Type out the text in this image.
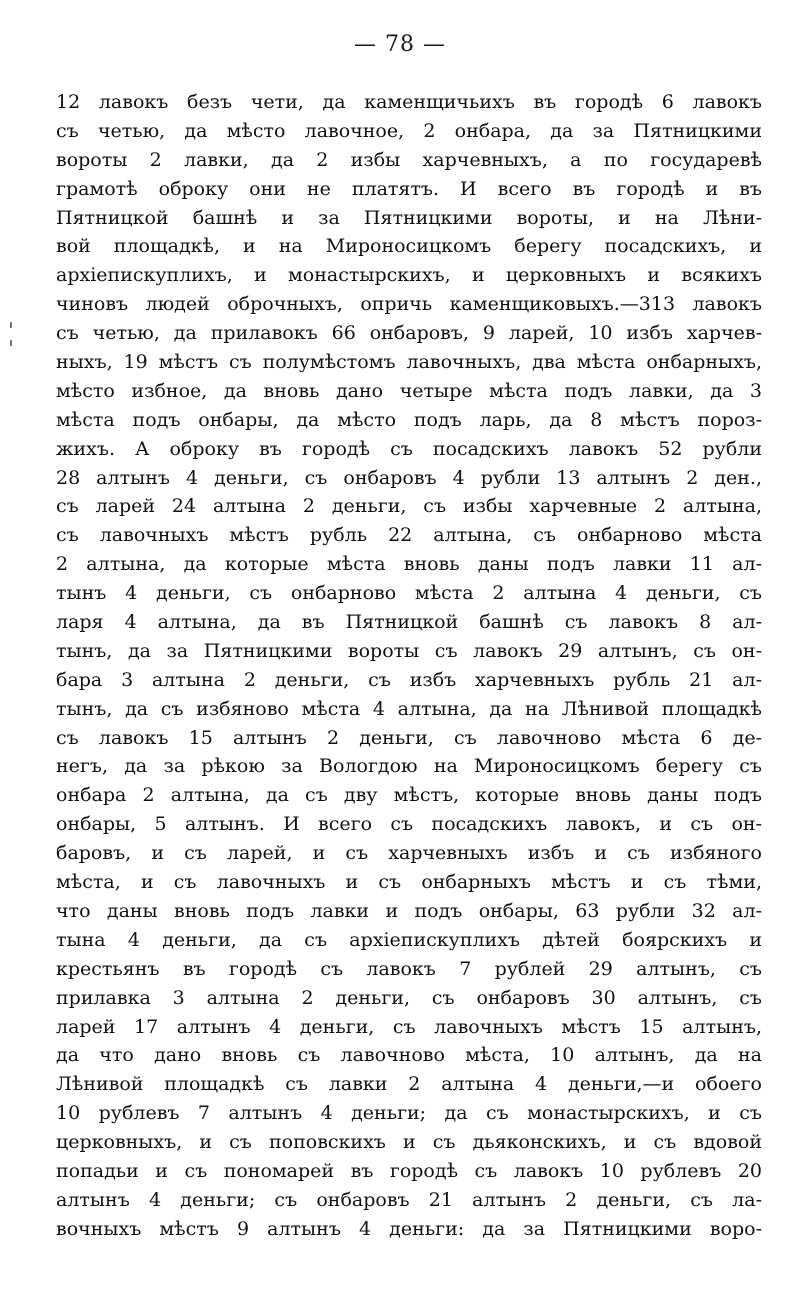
— 78 —
12 лавокъ безъ чети, да каменщичьихъ въ городѣ 6 лавокъ
съ четью, да мѣсто лавочное, 2 онбара, да за Пятницкими
вороты 2 лавки, да 2 избы харчевныхъ, а по государевѣ
грамотѣ оброку они не платятъ. И всего въ городѣ и въ
Пятницкой башнѣ и за Пятницкими вороты, и на Лѣни-
вой площадкѣ, и на Мироносицкомъ берегу посадскихъ, и
архіепискуплихъ, и монастырскихъ, и церковныхъ и всякихъ
чиновъ людей оброчныхъ, опричь каменщиковыхъ.—313 лавокъ
съ четью, да прилавокъ 66 онбаровъ, 9 ларей, 10 избъ харчев-
ныхъ, 19 мѣстъ съ полумѣстомъ лавочныхъ, два мѣста онбарныхъ,
мѣсто избное, да вновь дано четыре мѣста подъ лавки, да 3
мѣста подъ онбары, да мѣсто подъ ларь, да 8 мѣстъ пороз-
жихъ. А оброку въ городѣ съ посадскихъ лавокъ 52 рубли
28 алтынъ 4 деньги, съ онбаровъ 4 рубли 13 алтынъ 2 ден.,
съ ларей 24 алтына 2 деньги, съ избы харчевные 2 алтына,
съ лавочныхъ мѣстъ рубль 22 алтына, съ онбарново мѣста
2 алтына, да которые мѣста вновь даны подъ лавки 11 ал-
тынъ 4 деньги, съ онбарново мѣста 2 алтына 4 деньги, съ
ларя 4 алтына, да въ Пятницкой башнѣ съ лавокъ 8 ал-
тынъ, да за Пятницкими вороты съ лавокъ 29 алтынъ, съ он-
бара 3 алтына 2 деньги, съ избъ харчевныхъ рубль 21 ал-
тынъ, да съ избяново мѣста 4 алтына, да на Лѣнивой площадкѣ
съ лавокъ 15 алтынъ 2 деньги, съ лавочново мѣста 6 де-
негъ, да за рѣкою за Вологдою на Мироносицкомъ берегу съ
онбара 2 алтына, да съ дву мѣстъ, которые вновь даны подъ
онбары, 5 алтынъ. И всего съ посадскихъ лавокъ, и съ он-
баровъ, и съ ларей, и съ харчевныхъ избъ и съ избяного
мѣста, и съ лавочныхъ и съ онбарныхъ мѣстъ и съ тѣми,
что даны вновь подъ лавки и подъ онбары, 63 рубли 32 ал-
тына 4 деньги, да съ архіепискуплихъ дѣтей боярскихъ и
крестьянъ въ городѣ съ лавокъ 7 рублей 29 алтынъ, съ
прилавка 3 алтына 2 деньги, съ онбаровъ 30 алтынъ, съ
ларей 17 алтынъ 4 деньги, съ лавочныхъ мѣстъ 15 алтынъ,
да что дано вновь съ лавочново мѣста, 10 алтынъ, да на
Лѣнивой площадкѣ съ лавки 2 алтына 4 деньги,—и обоего
10 рублевъ 7 алтынъ 4 деньги; да съ монастырскихъ, и съ
церковныхъ, и съ поповскихъ и съ дьяконскихъ, и съ вдовой
попадьи и съ пономарей въ городѣ съ лавокъ 10 рублевъ 20
алтынъ 4 деньги; съ онбаровъ 21 алтынъ 2 деньги, съ ла-
вочныхъ мѣстъ 9 алтынъ 4 деньги: да за Пятницкими воро-
